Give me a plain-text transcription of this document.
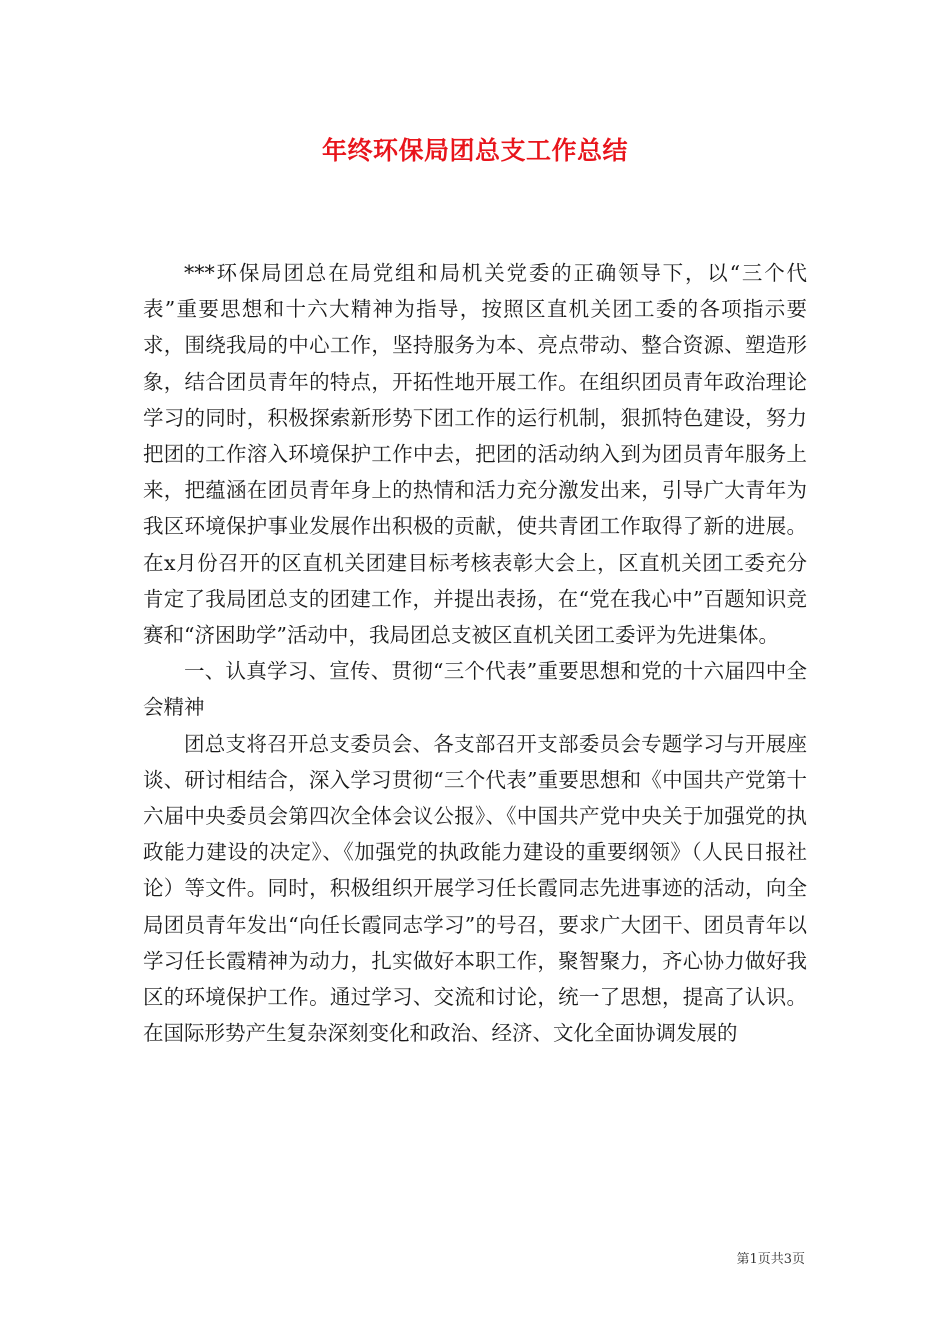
年终环保局团总支工作总结

***环保局团总在局党组和局机关党委的正确领导下，以“三个代表”重要思想和十六大精神为指导，按照区直机关团工委的各项指示要求，围绕我局的中心工作，坚持服务为本、亮点带动、整合资源、塑造形象，结合团员青年的特点，开拓性地开展工作。在组织团员青年政治理论学习的同时，积极探索新形势下团工作的运行机制，狠抓特色建设，努力把团的工作溶入环境保护工作中去，把团的活动纳入到为团员青年服务上来，把蕴涵在团员青年身上的热情和活力充分激发出来，引导广大青年为我区环境保护事业发展作出积极的贡献，使共青团工作取得了新的进展。在x月份召开的区直机关团建目标考核表彰大会上，区直机关团工委充分肯定了我局团总支的团建工作，并提出表扬，在“党在我心中”百题知识竞赛和“济困助学”活动中，我局团总支被区直机关团工委评为先进集体。

一、认真学习、宣传、贯彻“三个代表”重要思想和党的十六届四中全会精神

团总支将召开总支委员会、各支部召开支部委员会专题学习与开展座谈、研讨相结合，深入学习贯彻“三个代表”重要思想和《中国共产党第十六届中央委员会第四次全体会议公报》、《中国共产党中央关于加强党的执政能力建设的决定》、《加强党的执政能力建设的重要纲领》（人民日报社论）等文件。同时，积极组织开展学习任长霞同志先进事迹的活动，向全局团员青年发出“向任长霞同志学习”的号召，要求广大团干、团员青年以学习任长霞精神为动力，扎实做好本职工作，聚智聚力，齐心协力做好我区的环境保护工作。通过学习、交流和讨论，统一了思想，提高了认识。在国际形势产生复杂深刻变化和政治、经济、文化全面协调发展的

第1页共3页
